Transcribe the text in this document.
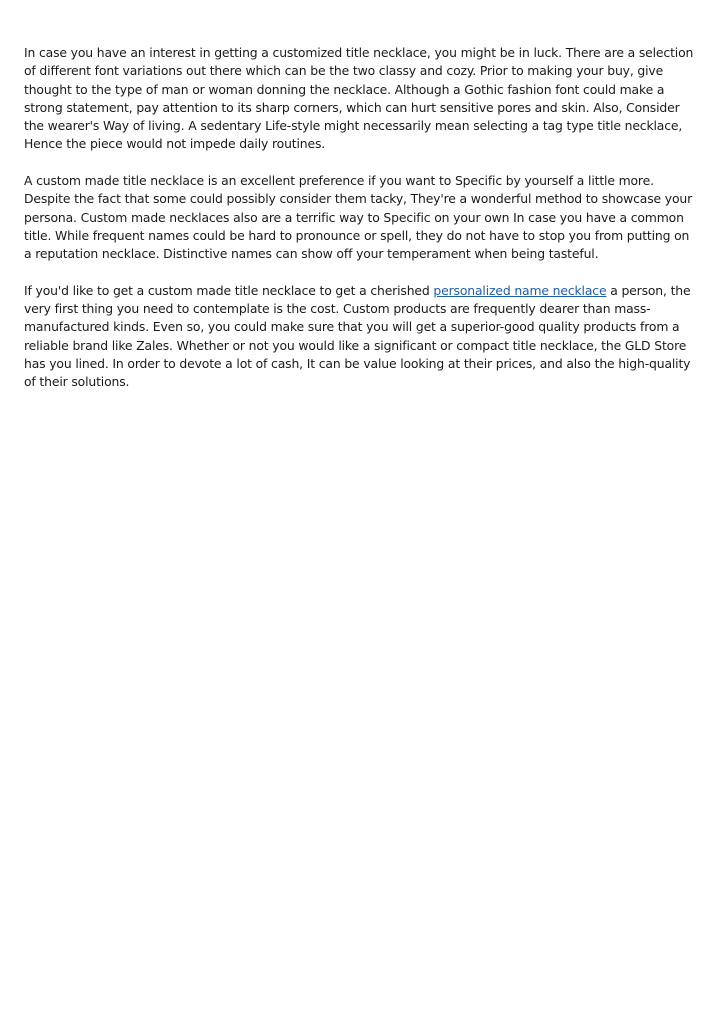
In case you have an interest in getting a customized title necklace, you might be in luck. There are a selection of different font variations out there which can be the two classy and cozy. Prior to making your buy, give thought to the type of man or woman donning the necklace. Although a Gothic fashion font could make a strong statement, pay attention to its sharp corners, which can hurt sensitive pores and skin. Also, Consider the wearer's Way of living. A sedentary Life-style might necessarily mean selecting a tag type title necklace, Hence the piece would not impede daily routines.

A custom made title necklace is an excellent preference if you want to Specific by yourself a little more. Despite the fact that some could possibly consider them tacky, They're a wonderful method to showcase your persona. Custom made necklaces also are a terrific way to Specific on your own In case you have a common title. While frequent names could be hard to pronounce or spell, they do not have to stop you from putting on a reputation necklace. Distinctive names can show off your temperament when being tasteful.

If you'd like to get a custom made title necklace to get a cherished personalized name necklace a person, the very first thing you need to contemplate is the cost. Custom products are frequently dearer than mass-manufactured kinds. Even so, you could make sure that you will get a superior-good quality products from a reliable brand like Zales. Whether or not you would like a significant or compact title necklace, the GLD Store has you lined. In order to devote a lot of cash, It can be value looking at their prices, and also the high-quality of their solutions.
